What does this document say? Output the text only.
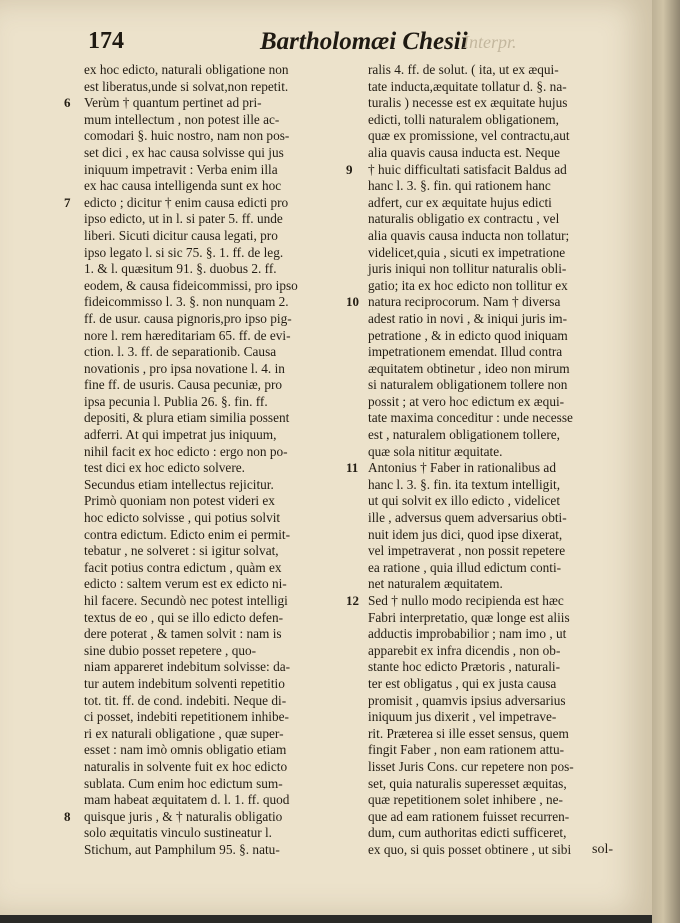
174	Bartholomæi Chesii
Interpr.
ex hoc edicto, naturali obligatione non
est liberatus,unde si solvat,non repetit.
6 Verùm † quantum pertinet ad pri-
mum intellectum , non potest ille ac-
comodari §. huic nostro, nam non pos-
set dici , ex hac causa solvisse qui jus
iniquum impetravit : Verba enim illa
ex hac causa intelligenda sunt ex hoc
7 edicto ; dicitur † enim causa edicti pro
ipso edicto, ut in l. si pater 5. ff. unde
liberi. Sicuti dicitur causa legati, pro
ipso legato l. si sic 75. §. 1. ff. de leg.
1. & l. quæsitum 91. §. duobus 2. ff.
eodem, & causa fideicommissi, pro ipso
fideicommisso l. 3. §. non nunquam 2.
ff. de usur. causa pignoris,pro ipso pig-
nore l. rem hæreditariam 65. ff. de evi-
ction. l. 3. ff. de separationib. Causa
novationis , pro ipsa novatione l. 4. in
fine ff. de usuris. Causa pecuniæ, pro
ipsa pecunia l. Publia 26. §. fin. ff.
depositi, & plura etiam similia possent
adferri. At qui impetrat jus iniquum,
nihil facit ex hoc edicto : ergo non po-
test dici ex hoc edicto solvere.
Secundus etiam intellectus rejicitur.
Primò quoniam non potest videri ex
hoc edicto solvisse , qui potius solvit
contra edictum. Edicto enim ei permit-
tebatur , ne solveret : si igitur solvat,
facit potius contra edictum , quàm ex
edicto : saltem verum est ex edicto ni-
hil facere. Secundò nec potest intelligi
textus de eo , qui se illo edicto defen-
dere poterat , & tamen solvit : nam is
sine dubio posset repetere , quo-
niam appareret indebitum solvisse: da-
tur autem indebitum solventi repetitio
tot. tit. ff. de cond. indebiti. Neque di-
ci posset, indebiti repetitionem inhibe-
ri ex naturali obligatione , quæ super-
esset : nam imò omnis obligatio etiam
naturalis in solvente fuit ex hoc edicto
sublata. Cum enim hoc edictum sum-
mam habeat æquitatem d. l. 1. ff. quod
8 quisque juris , & † naturalis obligatio
solo æquitatis vinculo sustineatur l.
Stichum, aut Pamphilum 95. §. natu-
ralis 4. ff. de solut. ( ita, ut ex æqui-
tate inducta,æquitate tollatur d. §. na-
turalis ) necesse est ex æquitate hujus
edicti, tolli naturalem obligationem,
quæ ex promissione, vel contractu,aut
alia quavis causa inducta est. Neque
9 † huic difficultati satisfacit Baldus ad
hanc l. 3. §. fin. qui rationem hanc
adfert, cur ex æquitate hujus edicti
naturalis obligatio ex contractu , vel
alia quavis causa inducta non tollatur;
videlicet,quia , sicuti ex impetratione
juris iniqui non tollitur naturalis obli-
gatio; ita ex hoc edicto non tollitur ex
10 natura reciprocorum. Nam † diversa
adest ratio in novi , & iniqui juris im-
petratione , & in edicto quod iniquam
impetrationem emendat. Illud contra
æquitatem obtinetur , ideo non mirum
si naturalem obligationem tollere non
possit ; at vero hoc edictum ex æqui-
tate maxima conceditur : unde necesse
est , naturalem obligationem tollere,
quæ sola nititur æquitate.
11 Antonius † Faber in rationalibus ad
hanc l. 3. §. fin. ita textum intelligit,
ut qui solvit ex illo edicto , videlicet
ille , adversus quem adversarius obti-
nuit idem jus dici, quod ipse dixerat,
vel impetraverat , non possit repetere
ea ratione , quia illud edictum conti-
net naturalem æquitatem.
12 Sed † nullo modo recipienda est hæc
Fabri interpretatio, quæ longe est aliis
adductis improbabilior ; nam imo , ut
apparebit ex infra dicendis , non ob-
stante hoc edicto Prætoris , naturali-
ter est obligatus , qui ex justa causa
promisit , quamvis ipsius adversarius
iniquum jus dixerit , vel impetrave-
rit. Præterea si ille esset sensus, quem
fingit Faber , non eam rationem attu-
lisset Juris Cons. cur repetere non pos-
set, quia naturalis superesset æquitas,
quæ repetitionem solet inhibere , ne-
que ad eam rationem fuisset recurren-
dum, cum authoritas edicti sufficeret,
ex quo, si quis posset obtinere , ut sibi	sol-
